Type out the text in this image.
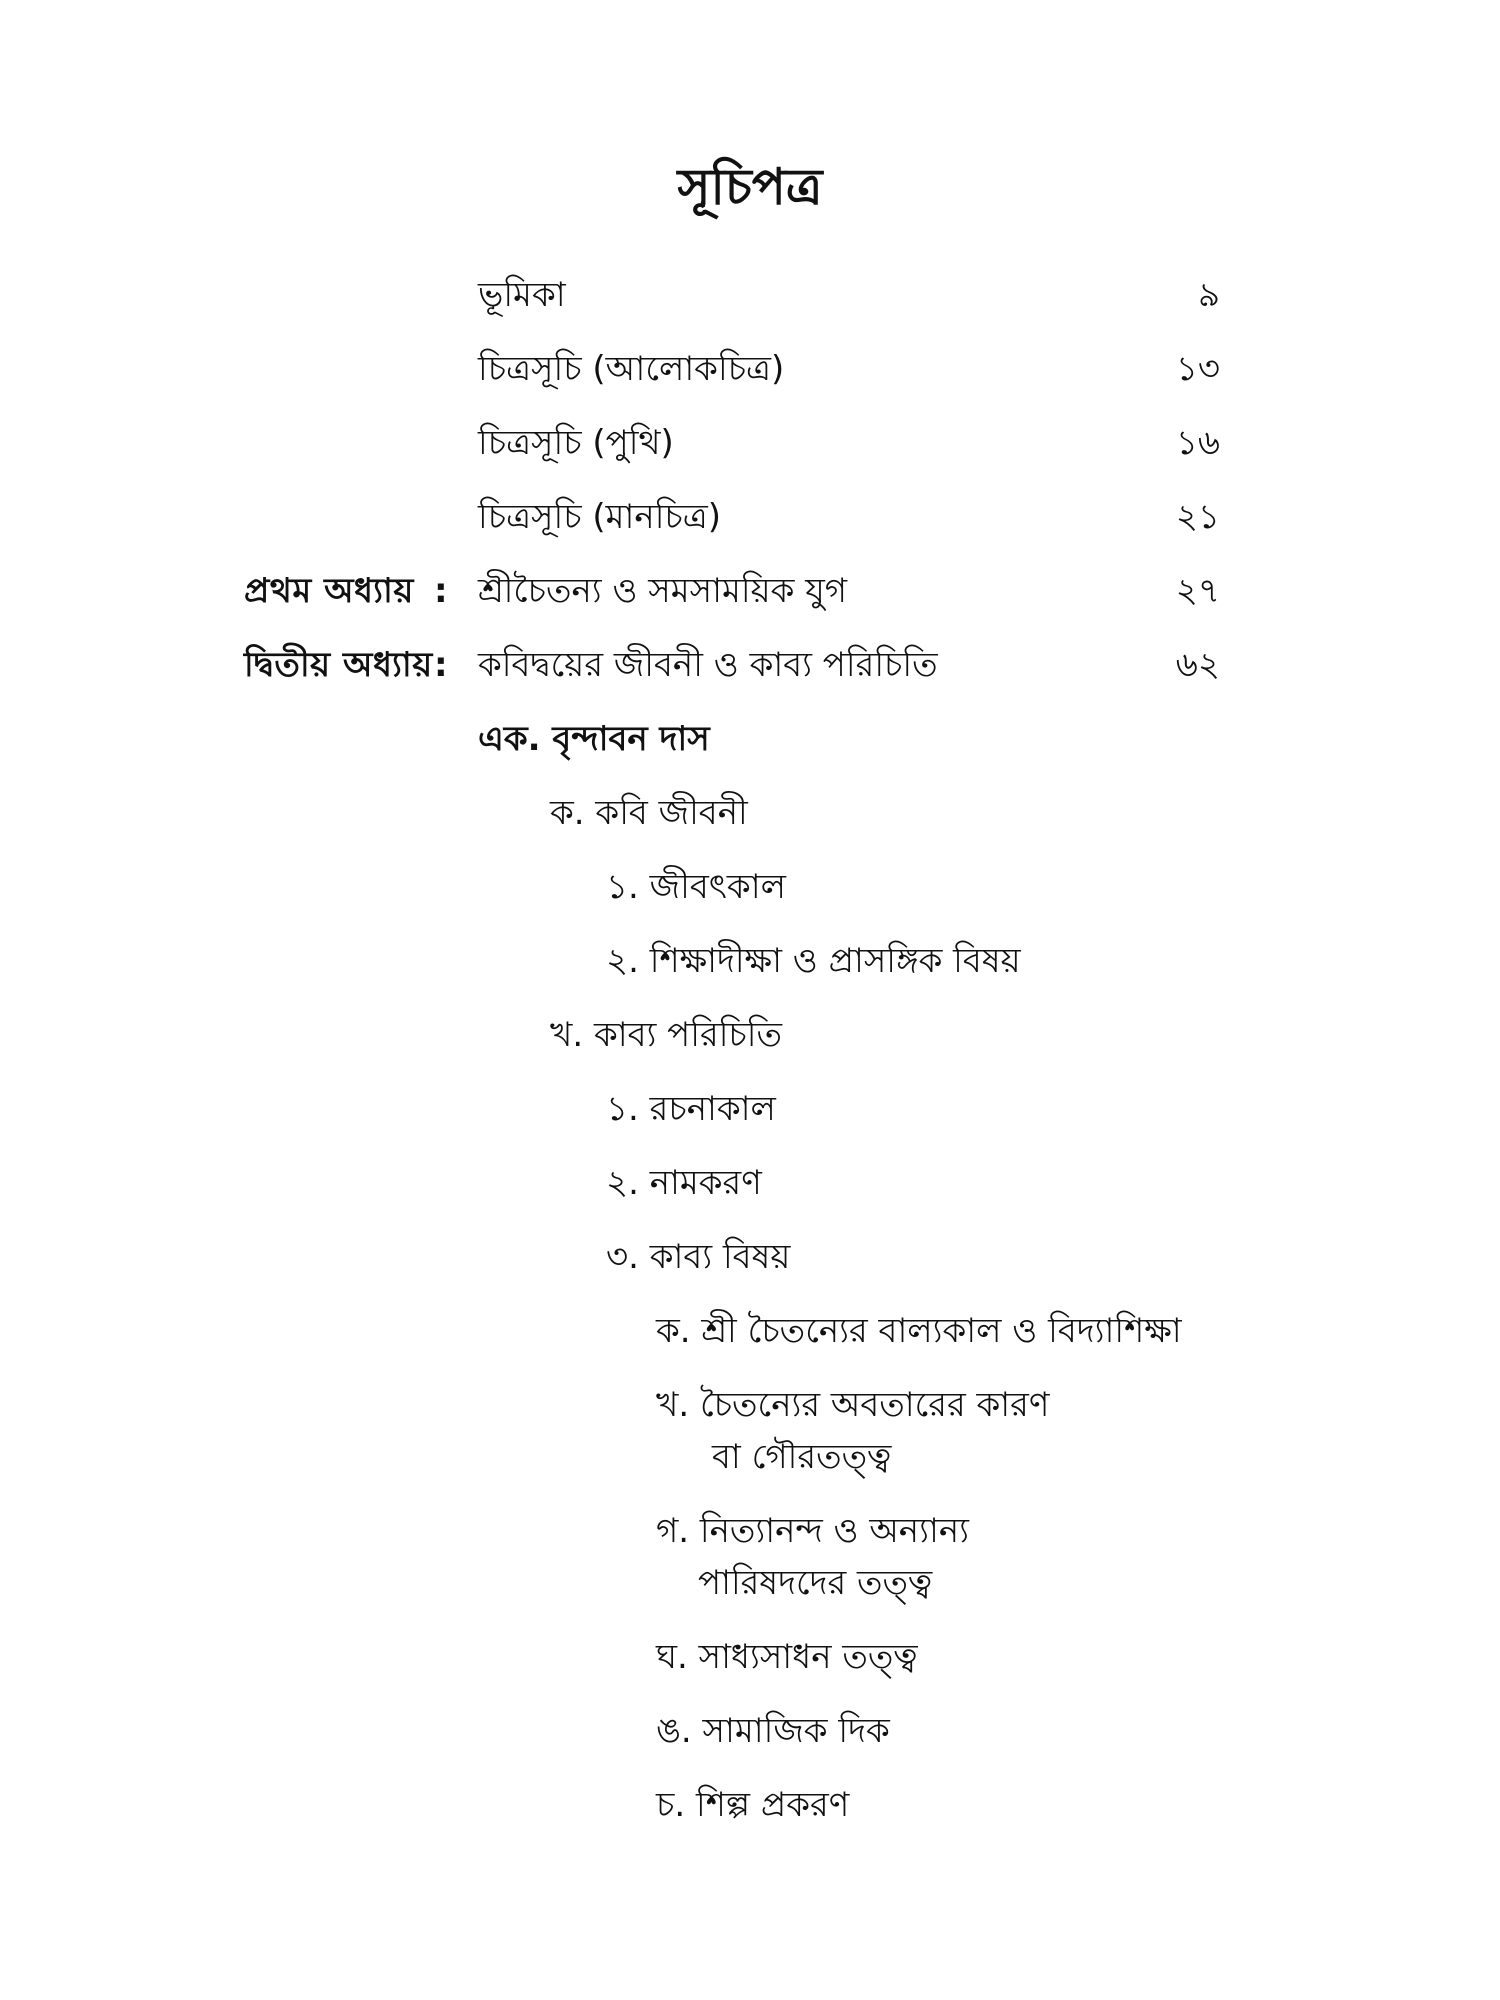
সূচিপত্র
ভূমিকা	৯
চিত্রসূচি (আলোকচিত্র)	১৩
চিত্রসূচি (পুথি)	১৬
চিত্রসূচি (মানচিত্র)	২১
প্রথম অধ্যায় : শ্রীচৈতন্য ও সমসাময়িক যুগ	২৭
দ্বিতীয় অধ্যায় : কবিদ্বয়ের জীবনী ও কাব্য পরিচিতি	৬২
এক. বৃন্দাবন দাস
ক. কবি জীবনী
১. জীবৎকাল
২. শিক্ষাদীক্ষা ও প্রাসঙ্গিক বিষয়
খ. কাব্য পরিচিতি
১. রচনাকাল
২. নামকরণ
৩. কাব্য বিষয়
ক. শ্রী চৈতন্যের বাল্যকাল ও বিদ্যাশিক্ষা
খ. চৈতন্যের অবতারের কারণ
বা গৌরতত্ত্ব
গ. নিত্যানন্দ ও অন্যান্য
পারিষদদের তত্ত্ব
ঘ. সাধ্যসাধন তত্ত্ব
ঙ. সামাজিক দিক
চ. শিল্প প্রকরণ
